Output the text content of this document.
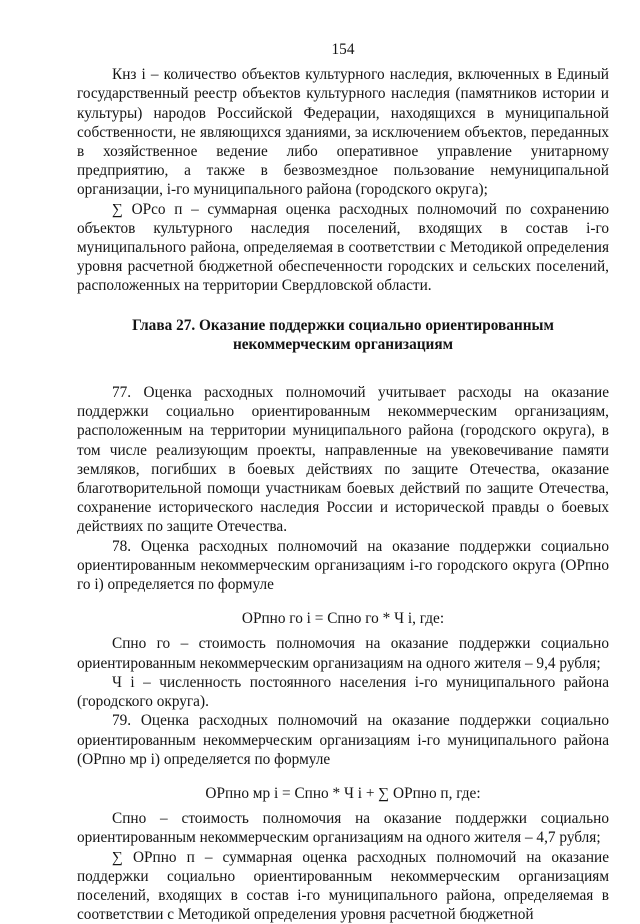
154

Кнз i – количество объектов культурного наследия, включенных в Единый государственный реестр объектов культурного наследия (памятников истории и культуры) народов Российской Федерации, находящихся в муниципальной собственности, не являющихся зданиями, за исключением объектов, переданных в хозяйственное ведение либо оперативное управление унитарному предприятию, а также в безвозмездное пользование немуниципальной организации, i-го муниципального района (городского округа);

∑ ОРсо п – суммарная оценка расходных полномочий по сохранению объектов культурного наследия поселений, входящих в состав i-го муниципального района, определяемая в соответствии с Методикой определения уровня расчетной бюджетной обеспеченности городских и сельских поселений, расположенных на территории Свердловской области.

Глава 27. Оказание поддержки социально ориентированным некоммерческим организациям

77. Оценка расходных полномочий учитывает расходы на оказание поддержки социально ориентированным некоммерческим организациям, расположенным на территории муниципального района (городского округа), в том числе реализующим проекты, направленные на увековечивание памяти земляков, погибших в боевых действиях по защите Отечества, оказание благотворительной помощи участникам боевых действий по защите Отечества, сохранение исторического наследия России и исторической правды о боевых действиях по защите Отечества.

78. Оценка расходных полномочий на оказание поддержки социально ориентированным некоммерческим организациям i-го городского округа (ОРпно го i) определяется по формуле

ОРпно го i = Спно го * Ч i, где:

Спно го – стоимость полномочия на оказание поддержки социально ориентированным некоммерческим организациям на одного жителя – 9,4 рубля;

Ч i – численность постоянного населения i-го муниципального района (городского округа).

79. Оценка расходных полномочий на оказание поддержки социально ориентированным некоммерческим организациям i-го муниципального района (ОРпно мр i) определяется по формуле

ОРпно мр i = Спно * Ч i + ∑ ОРпно п, где:

Спно – стоимость полномочия на оказание поддержки социально ориентированным некоммерческим организациям на одного жителя – 4,7 рубля;

∑ ОРпно п – суммарная оценка расходных полномочий на оказание поддержки социально ориентированным некоммерческим организациям поселений, входящих в состав i-го муниципального района, определяемая в соответствии с Методикой определения уровня расчетной бюджетной
